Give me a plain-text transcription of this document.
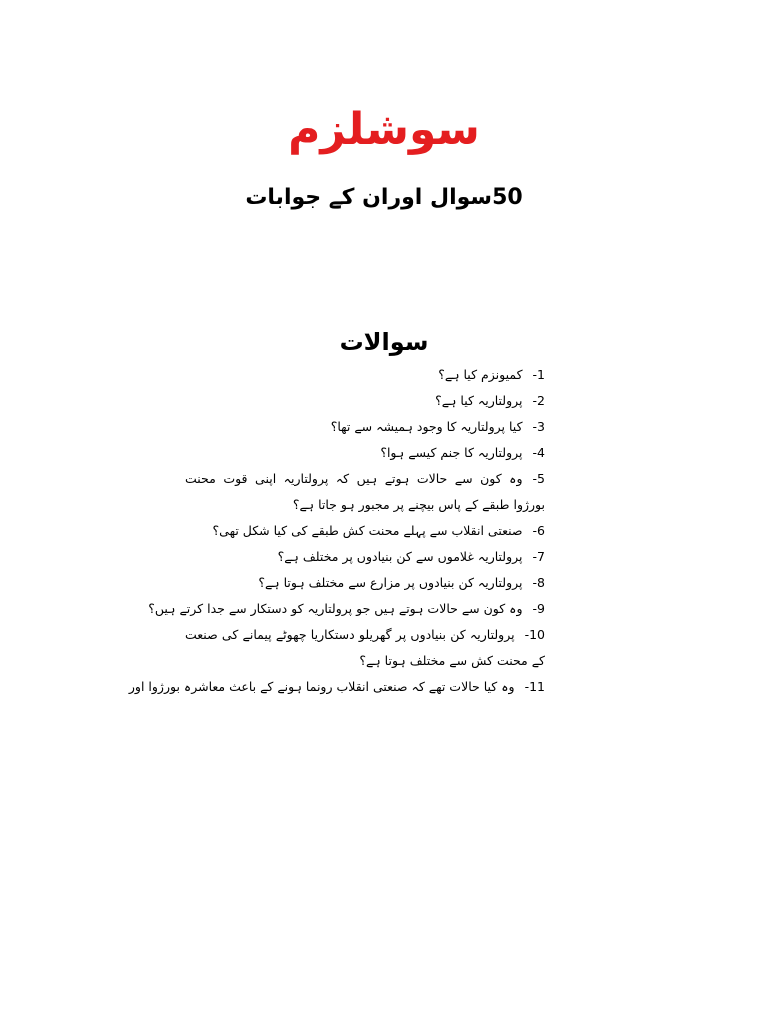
سوشلزم
50سوال اوران کے جوابات
سوالات
1-کمیونزم کیا ہے؟
2-پرولتاریہ کیا ہے؟
3-کیا پرولتاریہ کا وجود ہمیشہ سے تھا؟
4-پرولتاریہ کا جنم کیسے ہوا؟
5-وہ کون سے حالات ہوتے ہیں کہ پرولتاریہ اپنی قوت محنت بورژوا طبقے کے پاس بیچنے پر مجبور ہو جاتا ہے؟
6-صنعتی انقلاب سے پہلے محنت کش طبقے کی کیا شکل تھی؟
7-پرولتاریہ غلاموں سے کن بنیادوں پر مختلف ہے؟
8-پرولتاریہ کن بنیادوں پر مزارع سے مختلف ہوتا ہے؟
9-وہ کون سے حالات ہوتے ہیں جو پرولتاریہ کو دستکار سے جدا کرتے ہیں؟
10-پرولتاریہ کن بنیادوں پر گھریلو دستکاریا چھوٹے پیمانے کی صنعت کے محنت کش سے مختلف ہوتا ہے؟
11-وہ کیا حالات تھے کہ صنعتی انقلاب رونما ہونے کے باعث معاشرہ بورژوا اور
